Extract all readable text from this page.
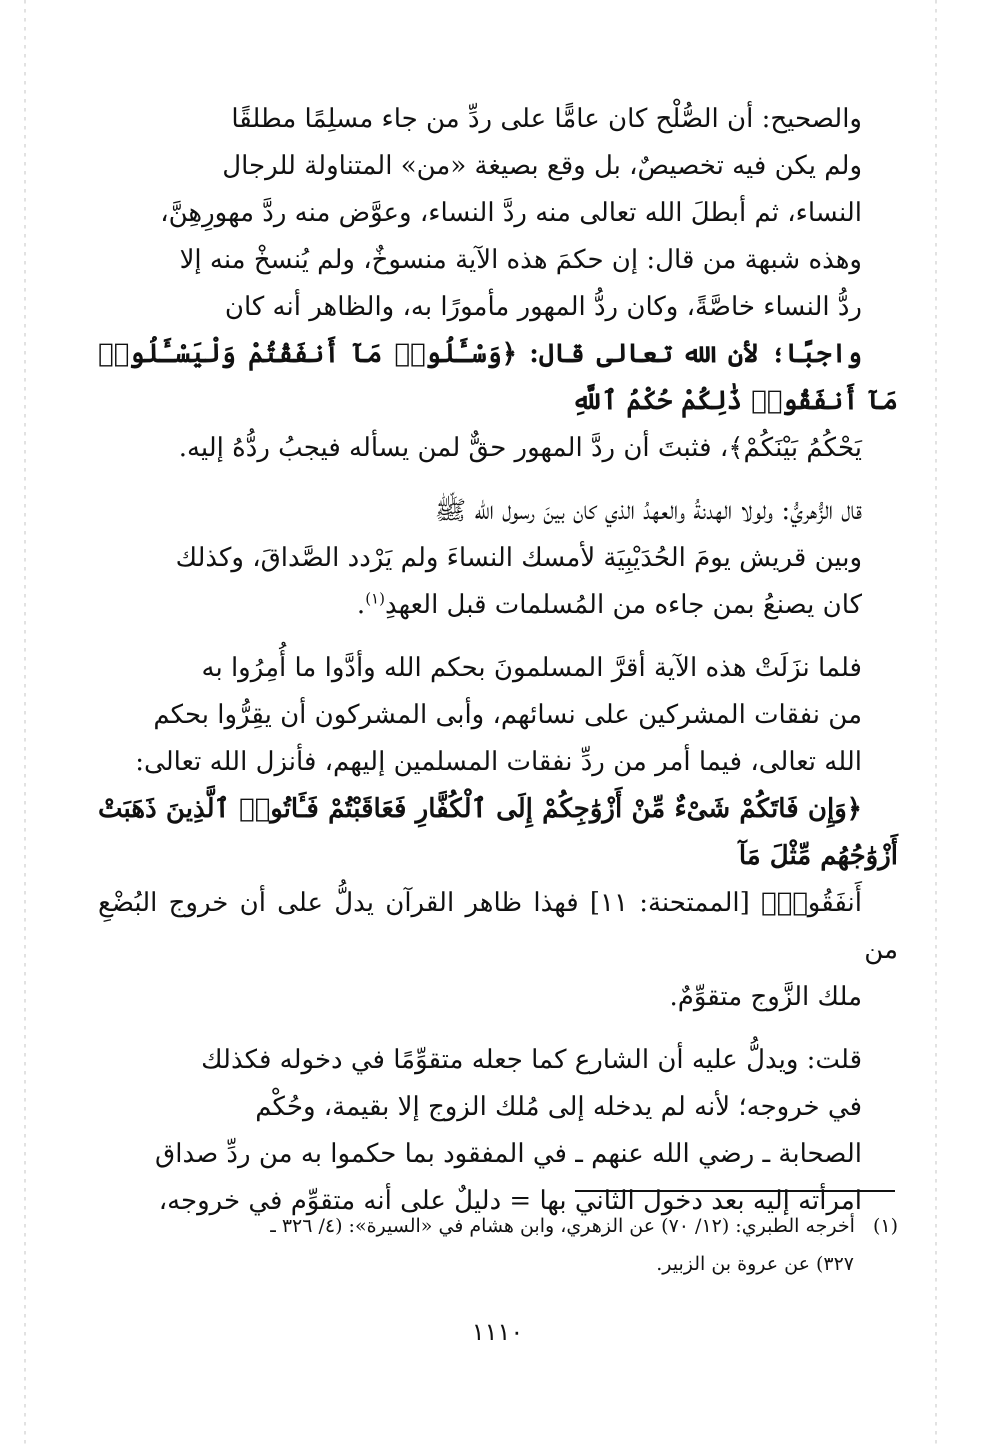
والصحيح: أن الصُّلْح كان عامًّا على ردِّ من جاء مسلِمًا مطلقًا
ولم يكن فيه تخصيصٌ، بل وقع بصيغة «من» المتناولة للرجال
النساء، ثم أبطلَ الله تعالى منه ردَّ النساء، وعوَّض منه ردَّ مهورِهِنَّ،
وهذه شبهة من قال: إن حكمَ هذه الآية منسوخٌ، ولم يُنسخْ منه إلا
ردُّ النساء خاصَّةً، وكان ردُّ المهور مأمورًا به، والظاهر أنه كان
واجبًا؛ لأن الله تعالى قال: ﴿وَسْـَٔلُوا۟ مَآ أَنفَقْتُمْ وَلْيَسْـَٔلُوا۟ مَآ أَنفَقُوا۟ ذَٰلِكُمْ حُكْمُ ٱللَّهِ
يَحْكُمُ بَيْنَكُمْ﴾، فثبتَ أن ردَّ المهور حقٌّ لمن يسأله فيجبُ ردُّهُ إليه.

قال الزُّهريُّ: ولولا الهدنةُ والعهدُ الذي كان بينَ رسول الله ﷺ
وبين قريش يومَ الحُدَيْبِيَة لأمسك النساءَ ولم يَرْدد الصَّداقَ، وكذلك
كان يصنعُ بمن جاءه من المُسلمات قبل العهدِ$^{(١)}$.

فلما نزَلَتْ هذه الآية أقرَّ المسلمونَ بحكم الله وأدَّوا ما أُمِرُوا به
من نفقات المشركين على نسائهم، وأبى المشركون أن يقِرُّوا بحكم
الله تعالى، فيما أمر من ردِّ نفقات المسلمين إليهم، فأنزل الله تعالى:
﴿وَإِن فَاتَكُمْ شَىْءٌ مِّنْ أَزْوَٰجِكُمْ إِلَى ٱلْكُفَّارِ فَعَاقَبْتُمْ فَـَٔاتُوا۟ ٱلَّذِينَ ذَهَبَتْ أَزْوَٰجُهُم مِّثْلَ مَآ
أَنفَقُوا۟﴾ [الممتحنة: ١١] فهذا ظاهر القرآن يدلُّ على أن خروج البُضْعِ من
ملك الزَّوج متقوِّمٌ.

قلت: ويدلُّ عليه أن الشارع كما جعله متقوِّمًا في دخوله فكذلك
في خروجه؛ لأنه لم يدخله إلى مُلك الزوج إلا بقيمة، وحُكْم
الصحابة ـ رضي الله عنهم ـ في المفقود بما حكموا به من ردِّ صداق
امرأته إليه بعد دخول الثاني بها = دليلٌ على أنه متقوِّم في خروجه،

(١)أخرجه الطبري: (١٢/ ٧٠) عن الزهري، وابن هشام في «السيرة»: (٤/ ٣٢٦ ـ
٣٢٧) عن عروة بن الزبير.
١١١٠
